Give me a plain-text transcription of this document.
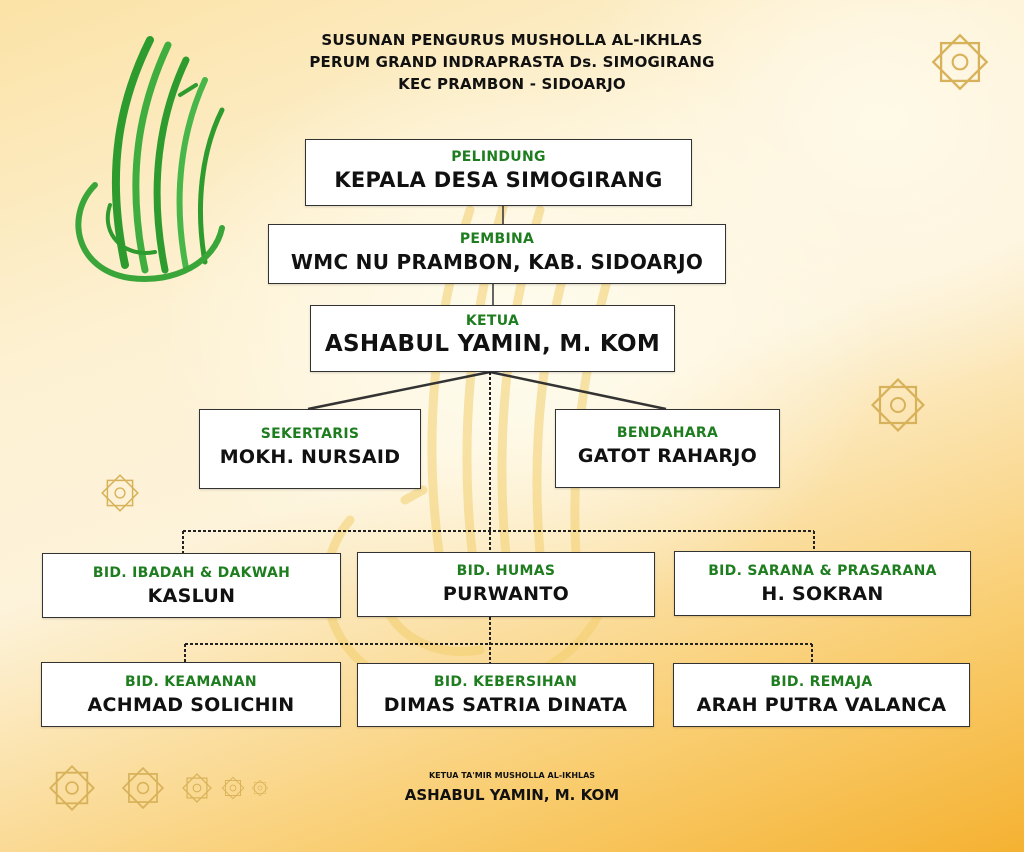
SUSUNAN PENGURUS MUSHOLLA AL-IKHLAS
PERUM GRAND INDRAPRASTA Ds. SIMOGIRANG
KEC PRAMBON - SIDOARJO
PELINDUNG
KEPALA DESA SIMOGIRANG
PEMBINA
WMC NU PRAMBON, KAB. SIDOARJO
KETUA
ASHABUL YAMIN, M. KOM
SEKERTARIS
MOKH. NURSAID
BENDAHARA
GATOT RAHARJO
BID. IBADAH & DAKWAH
KASLUN
BID. HUMAS
PURWANTO
BID. SARANA & PRASARANA
H. SOKRAN
BID. KEAMANAN
ACHMAD SOLICHIN
BID. KEBERSIHAN
DIMAS SATRIA DINATA
BID. REMAJA
ARAH PUTRA VALANCA
KETUA TA'MIR MUSHOLLA AL-IKHLAS
ASHABUL YAMIN, M. KOM
